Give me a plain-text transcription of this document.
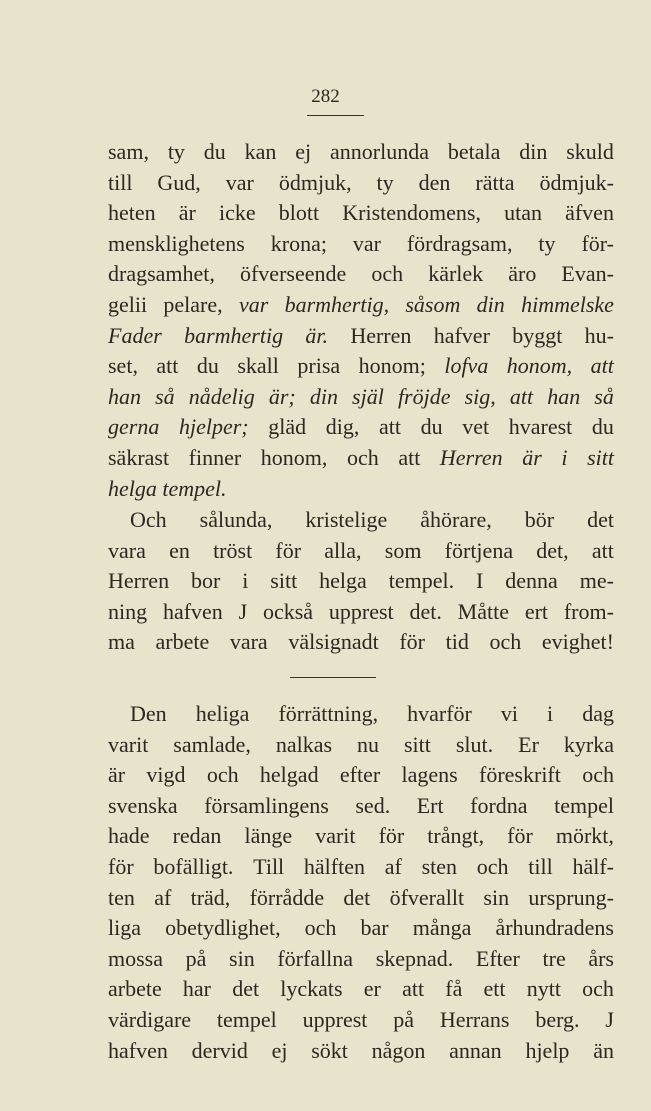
282
sam, ty du kan ej annorlunda betala din skuld
till Gud, var ödmjuk, ty den rätta ödmjuk-
heten är icke blott Kristendomens, utan äfven
mensklighetens krona; var fördragsam, ty för-
dragsamhet, öfverseende och kärlek äro Evan-
gelii pelare, var barmhertig, såsom din himmelske
Fader barmhertig är. Herren hafver byggt hu-
set, att du skall prisa honom; lofva honom, att
han så nådelig är; din själ fröjde sig, att han så
gerna hjelper; gläd dig, att du vet hvarest du
säkrast finner honom, och att Herren är i sitt
helga tempel.
Och sålunda, kristelige åhörare, bör det
vara en tröst för alla, som förtjena det, att
Herren bor i sitt helga tempel. I denna me-
ning hafven J också upprest det. Måtte ert from-
ma arbete vara välsignadt för tid och evighet!
Den heliga förrättning, hvarför vi i dag
varit samlade, nalkas nu sitt slut. Er kyrka
är vigd och helgad efter lagens föreskrift och
svenska församlingens sed. Ert fordna tempel
hade redan länge varit för trångt, för mörkt,
för bofälligt. Till hälften af sten och till hälf-
ten af träd, förrådde det öfverallt sin ursprung-
liga obetydlighet, och bar många århundradens
mossa på sin förfallna skepnad. Efter tre års
arbete har det lyckats er att få ett nytt och
värdigare tempel upprest på Herrans berg. J
hafven dervid ej sökt någon annan hjelp än
